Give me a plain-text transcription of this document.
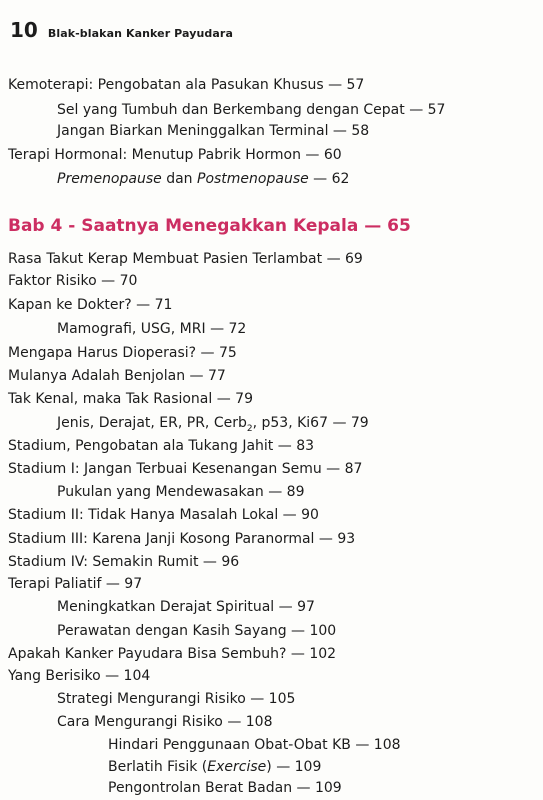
10 Blak-blakan Kanker Payudara
Kemoterapi: Pengobatan ala Pasukan Khusus — 57
Sel yang Tumbuh dan Berkembang dengan Cepat — 57
Jangan Biarkan Meninggalkan Terminal — 58
Terapi Hormonal: Menutup Pabrik Hormon — 60
Premenopause dan Postmenopause — 62
Bab 4 - Saatnya Menegakkan Kepala — 65
Rasa Takut Kerap Membuat Pasien Terlambat — 69
Faktor Risiko — 70
Kapan ke Dokter? — 71
Mamografi, USG, MRI — 72
Mengapa Harus Dioperasi? — 75
Mulanya Adalah Benjolan — 77
Tak Kenal, maka Tak Rasional — 79
Jenis, Derajat, ER, PR, Cerb$_2$, p53, Ki67 — 79
Stadium, Pengobatan ala Tukang Jahit — 83
Stadium I: Jangan Terbuai Kesenangan Semu — 87
Pukulan yang Mendewasakan — 89
Stadium II: Tidak Hanya Masalah Lokal — 90
Stadium III: Karena Janji Kosong Paranormal — 93
Stadium IV: Semakin Rumit — 96
Terapi Paliatif — 97
Meningkatkan Derajat Spiritual — 97
Perawatan dengan Kasih Sayang — 100
Apakah Kanker Payudara Bisa Sembuh? — 102
Yang Berisiko — 104
Strategi Mengurangi Risiko — 105
Cara Mengurangi Risiko — 108
Hindari Penggunaan Obat-Obat KB — 108
Berlatih Fisik (Exercise) — 109
Pengontrolan Berat Badan — 109
